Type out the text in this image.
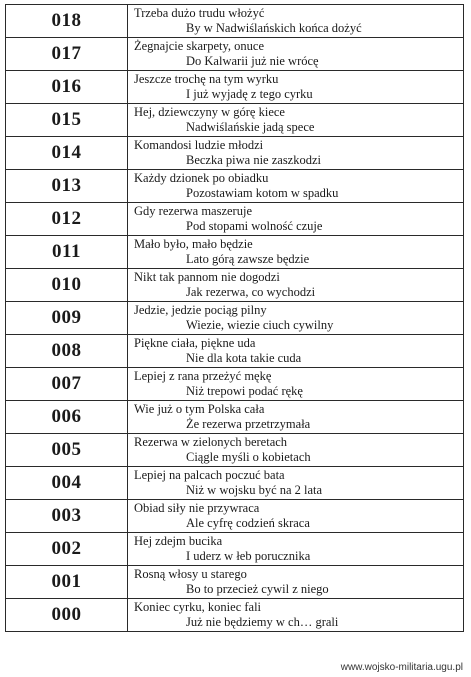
018	Trzeba dużo trudu włożyć
By w Nadwiślańskich końca dożyć

017	Żegnajcie skarpety, onuce
Do Kalwarii już nie wrócę

016	Jeszcze trochę na tym wyrku
I już wyjadę z tego cyrku

015	Hej, dziewczyny w górę kiece
Nadwiślańskie jadą spece

014	Komandosi ludzie młodzi
Beczka piwa nie zaszkodzi

013	Każdy dzionek po obiadku
Pozostawiam kotom w spadku

012	Gdy rezerwa maszeruje
Pod stopami wolność czuje

011	Mało było, mało będzie
Lato górą zawsze będzie

010	Nikt tak pannom nie dogodzi
Jak rezerwa, co wychodzi

009	Jedzie, jedzie pociąg pilny
Wiezie, wiezie ciuch cywilny

008	Piękne ciała, piękne uda
Nie dla kota takie cuda

007	Lepiej z rana przeżyć mękę
Niż trepowi podać rękę

006	Wie już o tym Polska cała
Że rezerwa przetrzymała

005	Rezerwa w zielonych beretach
Ciągle myśli o kobietach

004	Lepiej na palcach poczuć bata
Niż w wojsku być na 2 lata

003	Obiad siły nie przywraca
Ale cyfrę codzień skraca

002	Hej zdejm bucika
I uderz w łeb porucznika

001	Rosną włosy u starego
Bo to przecież cywil z niego

000	Koniec cyrku, koniec fali
Już nie będziemy w ch… grali
www.wojsko-militaria.ugu.pl
